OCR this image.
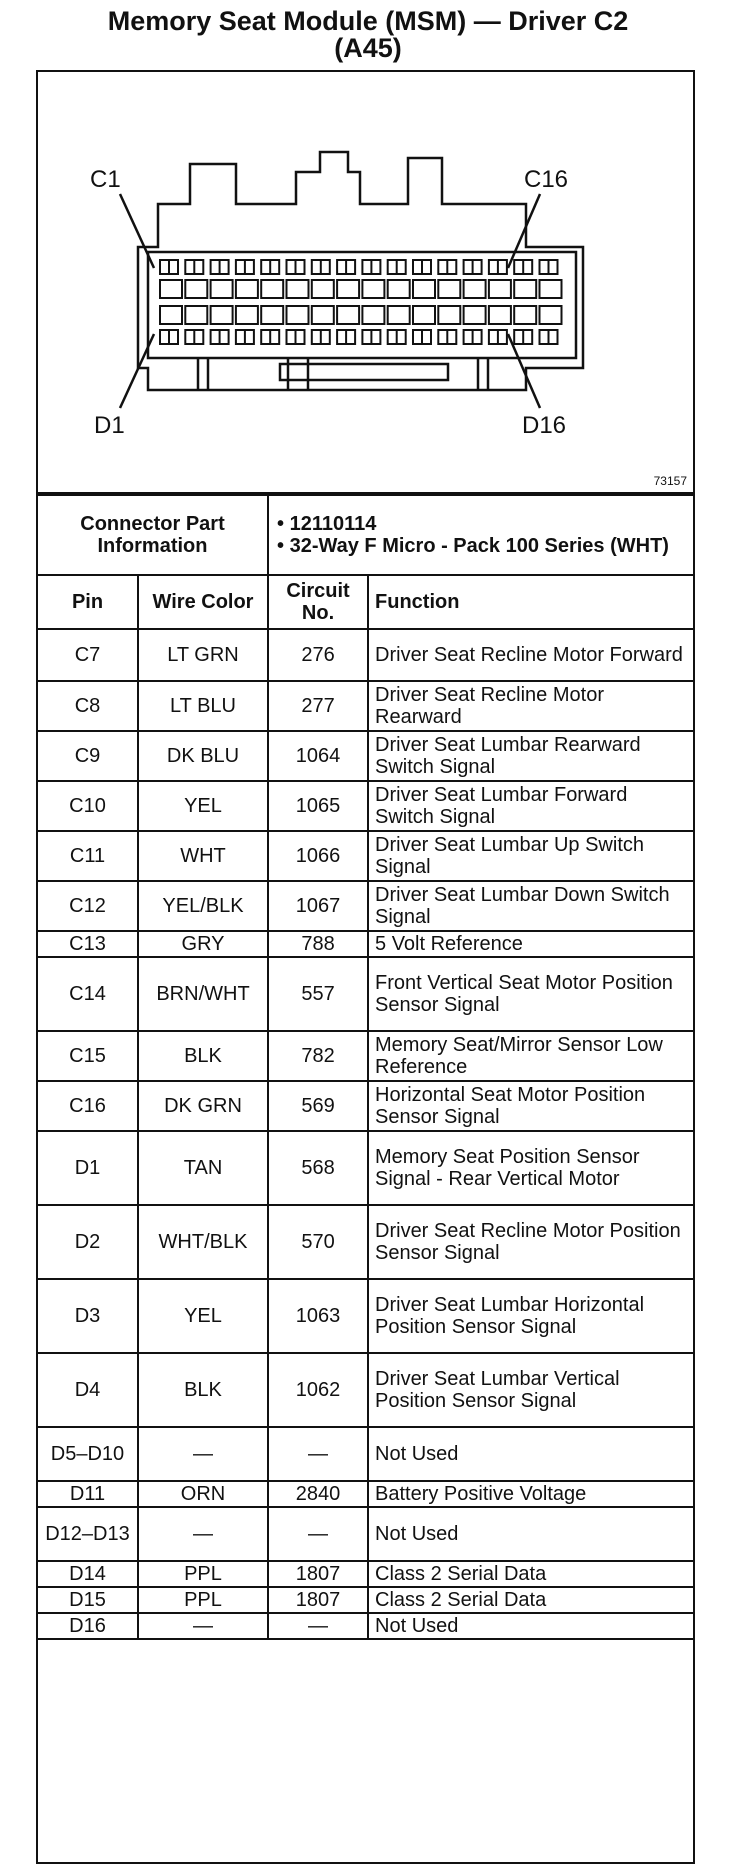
Memory Seat Module (MSM) — Driver C2
(A45)
C1	C16
D1	D16
73157
Connector Part Information		• 12110114
• 32-Way F Micro - Pack 100 Series (WHT)	

Pin	Wire Color	Circuit No.	Function
C7	LT GRN	276	Driver Seat Recline Motor Forward
C8	LT BLU	277	Driver Seat Recline Motor Rearward
C9	DK BLU	1064	Driver Seat Lumbar Rearward Switch Signal
C10	YEL	1065	Driver Seat Lumbar Forward Switch Signal
C11	WHT	1066	Driver Seat Lumbar Up Switch Signal
C12	YEL/BLK	1067	Driver Seat Lumbar Down Switch Signal
C13	GRY	788	5 Volt Reference
C14	BRN/WHT	557	Front Vertical Seat Motor Position Sensor Signal
C15	BLK	782	Memory Seat/Mirror Sensor Low Reference
C16	DK GRN	569	Horizontal Seat Motor Position Sensor Signal
D1	TAN	568	Memory Seat Position Sensor Signal - Rear Vertical Motor
D2	WHT/BLK	570	Driver Seat Recline Motor Position Sensor Signal
D3	YEL	1063	Driver Seat Lumbar Horizontal Position Sensor Signal
D4	BLK	1062	Driver Seat Lumbar Vertical Position Sensor Signal
D5–D10	—	—	Not Used
D11	ORN	2840	Battery Positive Voltage
D12–D13	—	—	Not Used
D14	PPL	1807	Class 2 Serial Data
D15	PPL	1807	Class 2 Serial Data
D16	—	—	Not Used
